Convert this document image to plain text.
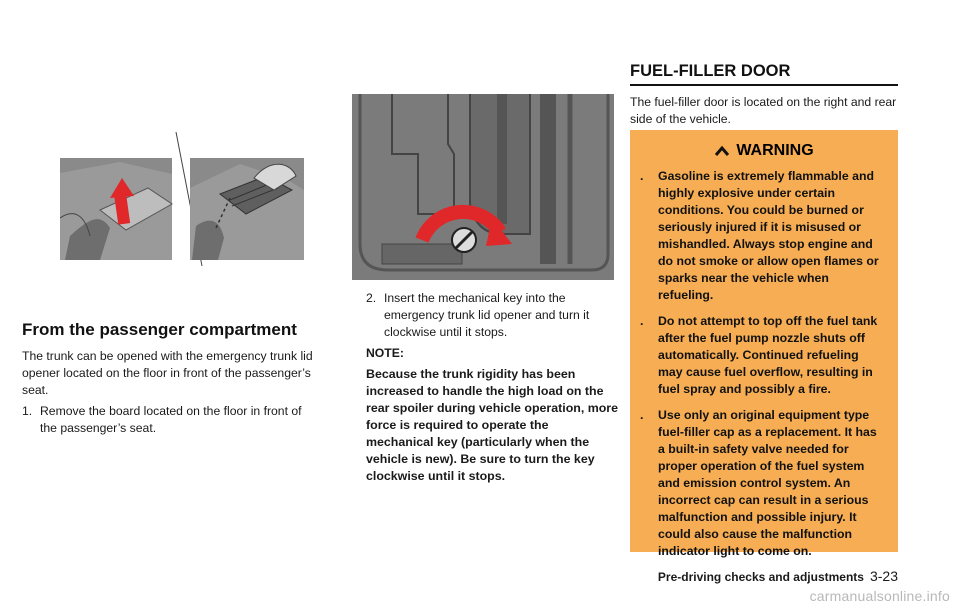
From the passenger compartment

The trunk can be opened with the emergency trunk lid opener located on the floor in front of the passenger’s seat.

1. Remove the board located on the floor in front of the passenger’s seat.

2. Insert the mechanical key into the emergency trunk lid opener and turn it clockwise until it stops.

NOTE:
Because the trunk rigidity has been increased to handle the high load on the rear spoiler during vehicle operation, more force is required to operate the mechanical key (particularly when the vehicle is new). Be sure to turn the key clockwise until it stops.
FUEL-FILLER DOOR

The fuel-filler door is located on the right and rear side of the vehicle.

WARNING
.	Gasoline is extremely flammable and highly explosive under certain conditions. You could be burned or seriously injured if it is misused or mishandled. Always stop engine and do not smoke or allow open flames or sparks near the vehicle when refueling.
.	Do not attempt to top off the fuel tank after the fuel pump nozzle shuts off automatically. Continued refueling may cause fuel overflow, resulting in fuel spray and possibly a fire.
.	Use only an original equipment type fuel-filler cap as a replacement. It has a built-in safety valve needed for proper operation of the fuel system and emission control system. An incorrect cap can result in a serious malfunction and possible injury. It could also cause the malfunction indicator light to come on.
Pre-driving checks and adjustments 3-23
carmanualsonline.info
